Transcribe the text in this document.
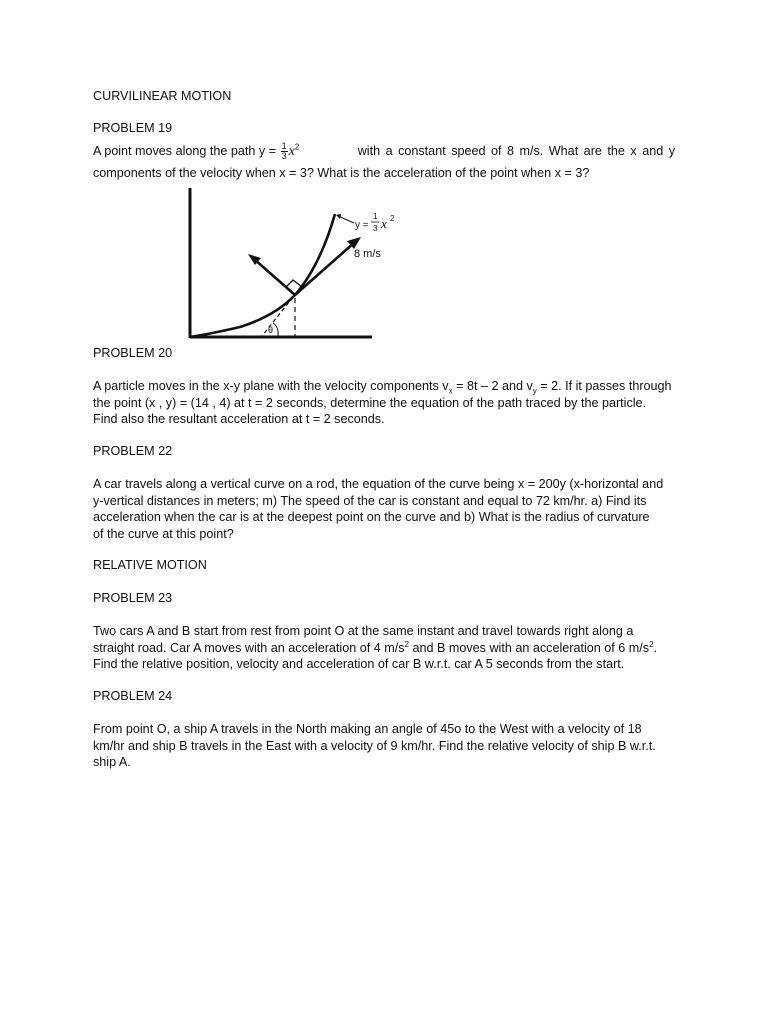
CURVILINEAR MOTION

PROBLEM 19

A point moves along the path $y = \frac{1}{3} x^2$	with a constant speed of 8 m/s. What are the x and y
components of the velocity when x = 3? What is the acceleration of the point when x = 3?
θ
y =
1
3 x 2
8 m/s

PROBLEM 20

A particle moves in the x-y plane with the velocity components $v_x = 8t - 2$ and $v_y = 2$. If it passes through
the point (x , y) = (14 , 4) at t = 2 seconds, determine the equation of the path traced by the particle.
Find also the resultant acceleration at t = 2 seconds.

PROBLEM 22

A car travels along a vertical curve on a rod, the equation of the curve being x = 200y (x-horizontal and
y-vertical distances in meters; m) The speed of the car is constant and equal to 72 km/hr. a) Find its
acceleration when the car is at the deepest point on the curve and b) What is the radius of curvature
of the curve at this point?

RELATIVE MOTION

PROBLEM 23

Two cars A and B start from rest from point O at the same instant and travel towards right along a
straight road. Car A moves with an acceleration of 4 $m/s^2$ and B moves with an acceleration of 6 $m/s^2$.
Find the relative position, velocity and acceleration of car B w.r.t. car A 5 seconds from the start.

PROBLEM 24

From point O, a ship A travels in the North making an angle of 45o to the West with a velocity of 18
km/hr and ship B travels in the East with a velocity of 9 km/hr. Find the relative velocity of ship B w.r.t.
ship A.
